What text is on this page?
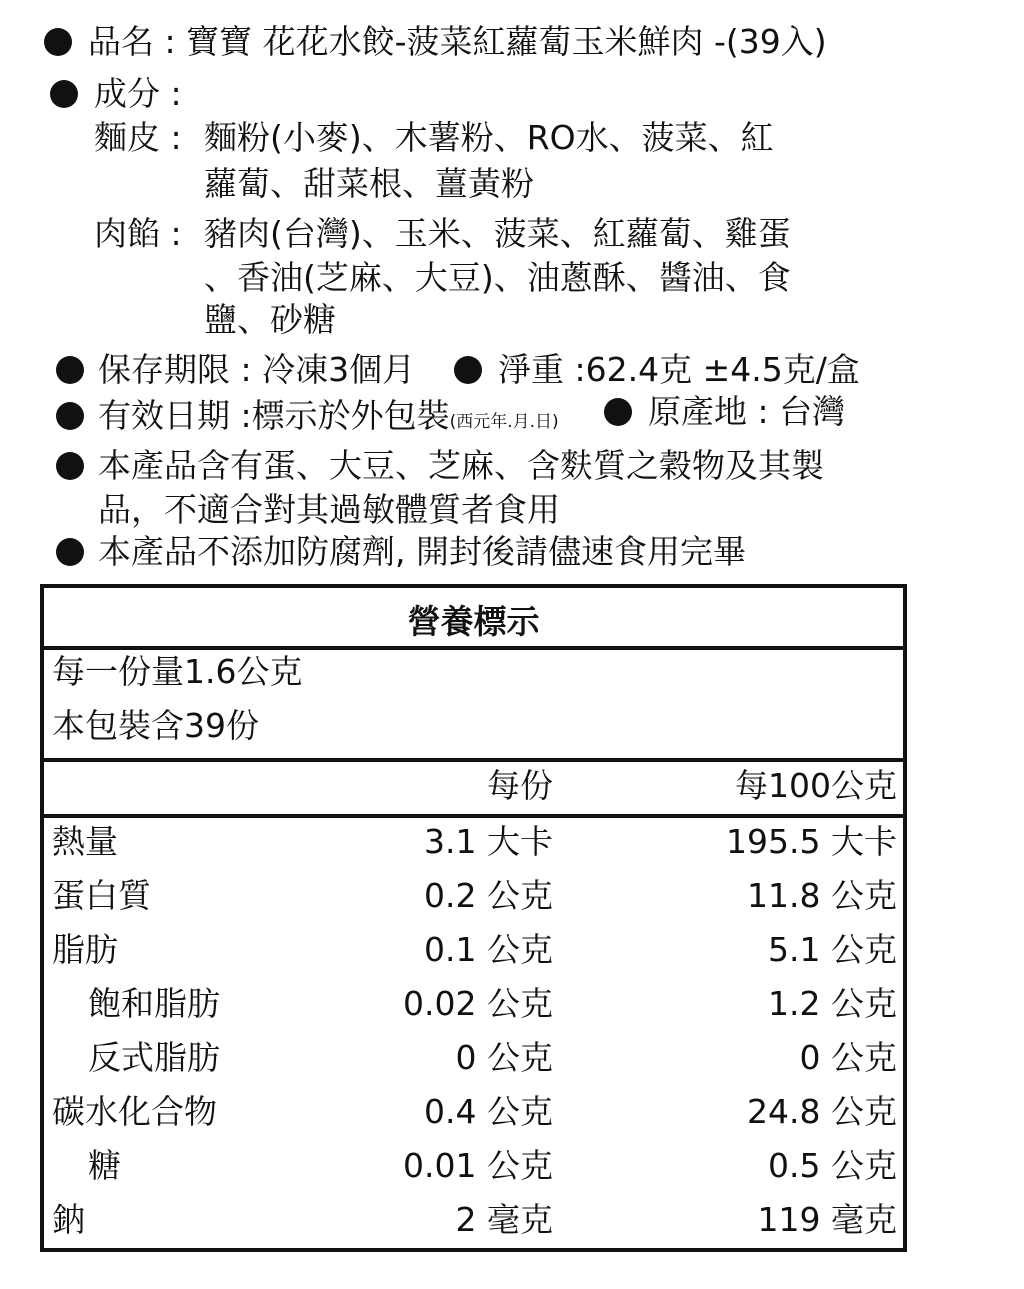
品名 : 寶寶 花花水餃-菠菜紅蘿蔔玉米鮮肉 -(39入)
成分 :
麵皮 : 麵粉(小麥)、木薯粉、RO水、菠菜、紅
蘿蔔、甜菜根、薑黃粉
肉餡 : 豬肉(台灣)、玉米、菠菜、紅蘿蔔、雞蛋
、香油(芝麻、大豆)、油蔥酥、醬油、食
鹽、砂糖
保存期限 : 冷凍3個月	淨重 :62.4克 ±4.5克/盒
有效日期 :標示於外包裝(西元年.月.日)	原產地 : 台灣
本產品含有蛋、大豆、芝麻、含麩質之穀物及其製
品，不適合對其過敏體質者食用
本產品不添加防腐劑, 開封後請儘速食用完畢
營養標示
每一份量1.6公克
本包裝含39份
每份	每100公克
熱量	3.1 大卡	195.5 大卡
蛋白質	0.2 公克	11.8 公克
脂肪	0.1 公克	5.1 公克
飽和脂肪	0.02 公克	1.2 公克
反式脂肪	0 公克	0 公克
碳水化合物	0.4 公克	24.8 公克
糖	0.01 公克	0.5 公克
鈉	2 毫克	119 毫克
